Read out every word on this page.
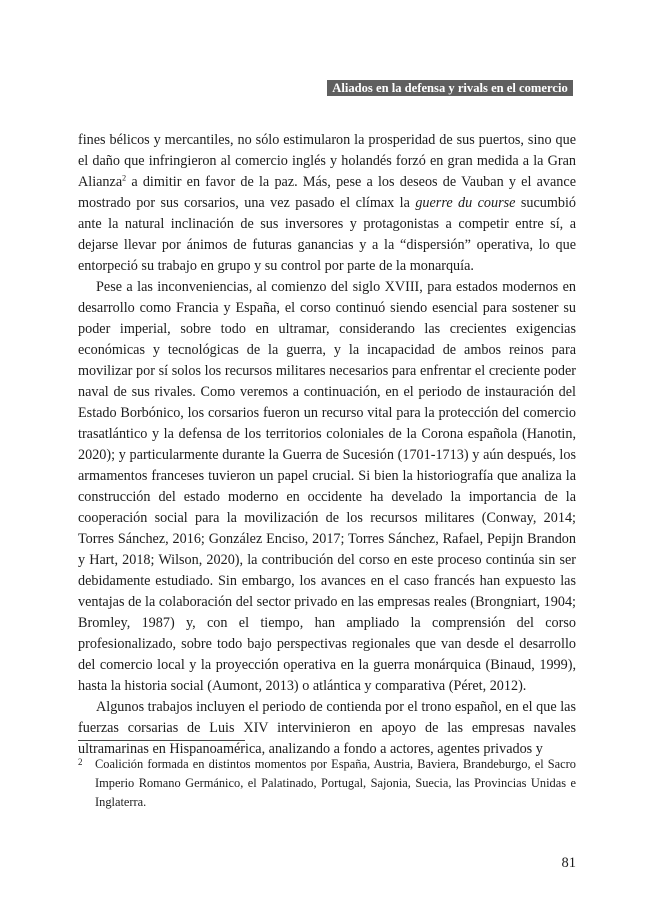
Aliados en la defensa y rivals en el comercio

fines bélicos y mercantiles, no sólo estimularon la prosperidad de sus puertos, sino que el daño que infringieron al comercio inglés y holandés forzó en gran medida a la Gran Alianza$^2$ a dimitir en favor de la paz. Más, pese a los deseos de Vauban y el avance mostrado por sus corsarios, una vez pasado el clímax la guerre du course sucumbió ante la natural inclinación de sus inversores y protagonistas a competir entre sí, a dejarse llevar por ánimos de futuras ganancias y a la “dispersión” operativa, lo que entorpeció su trabajo en grupo y su control por parte de la monarquía.

Pese a las inconveniencias, al comienzo del siglo XVIII, para estados modernos en desarrollo como Francia y España, el corso continuó siendo esencial para sostener su poder imperial, sobre todo en ultramar, considerando las crecientes exigencias económicas y tecnológicas de la guerra, y la incapacidad de ambos reinos para movilizar por sí solos los recursos militares necesarios para enfrentar el creciente poder naval de sus rivales. Como veremos a continuación, en el periodo de instauración del Estado Borbónico, los corsarios fueron un recurso vital para la protección del comercio trasatlántico y la defensa de los territorios coloniales de la Corona española (Hanotin, 2020); y particularmente durante la Guerra de Sucesión (1701-1713) y aún después, los armamentos franceses tuvieron un papel crucial. Si bien la historiografía que analiza la construcción del estado moderno en occidente ha develado la importancia de la cooperación social para la movilización de los recursos militares (Conway, 2014; Torres Sánchez, 2016; González Enciso, 2017; Torres Sánchez, Rafael, Pepijn Brandon y Hart, 2018; Wilson, 2020), la contribución del corso en este proceso continúa sin ser debidamente estudiado. Sin embargo, los avances en el caso francés han expuesto las ventajas de la colaboración del sector privado en las empresas reales (Brongniart, 1904; Bromley, 1987) y, con el tiempo, han ampliado la comprensión del corso profesionalizado, sobre todo bajo perspectivas regionales que van desde el desarrollo del comercio local y la proyección operativa en la guerra monárquica (Binaud, 1999), hasta la historia social (Aumont, 2013) o atlántica y comparativa (Péret, 2012).

Algunos trabajos incluyen el periodo de contienda por el trono español, en el que las fuerzas corsarias de Luis XIV intervinieron en apoyo de las empresas navales ultramarinas en Hispanoamérica, analizando a fondo a actores, agentes privados y

2 Coalición formada en distintos momentos por España, Austria, Baviera, Brandeburgo, el Sacro Imperio Romano Germánico, el Palatinado, Portugal, Sajonia, Suecia, las Provincias Unidas e Inglaterra.
81
